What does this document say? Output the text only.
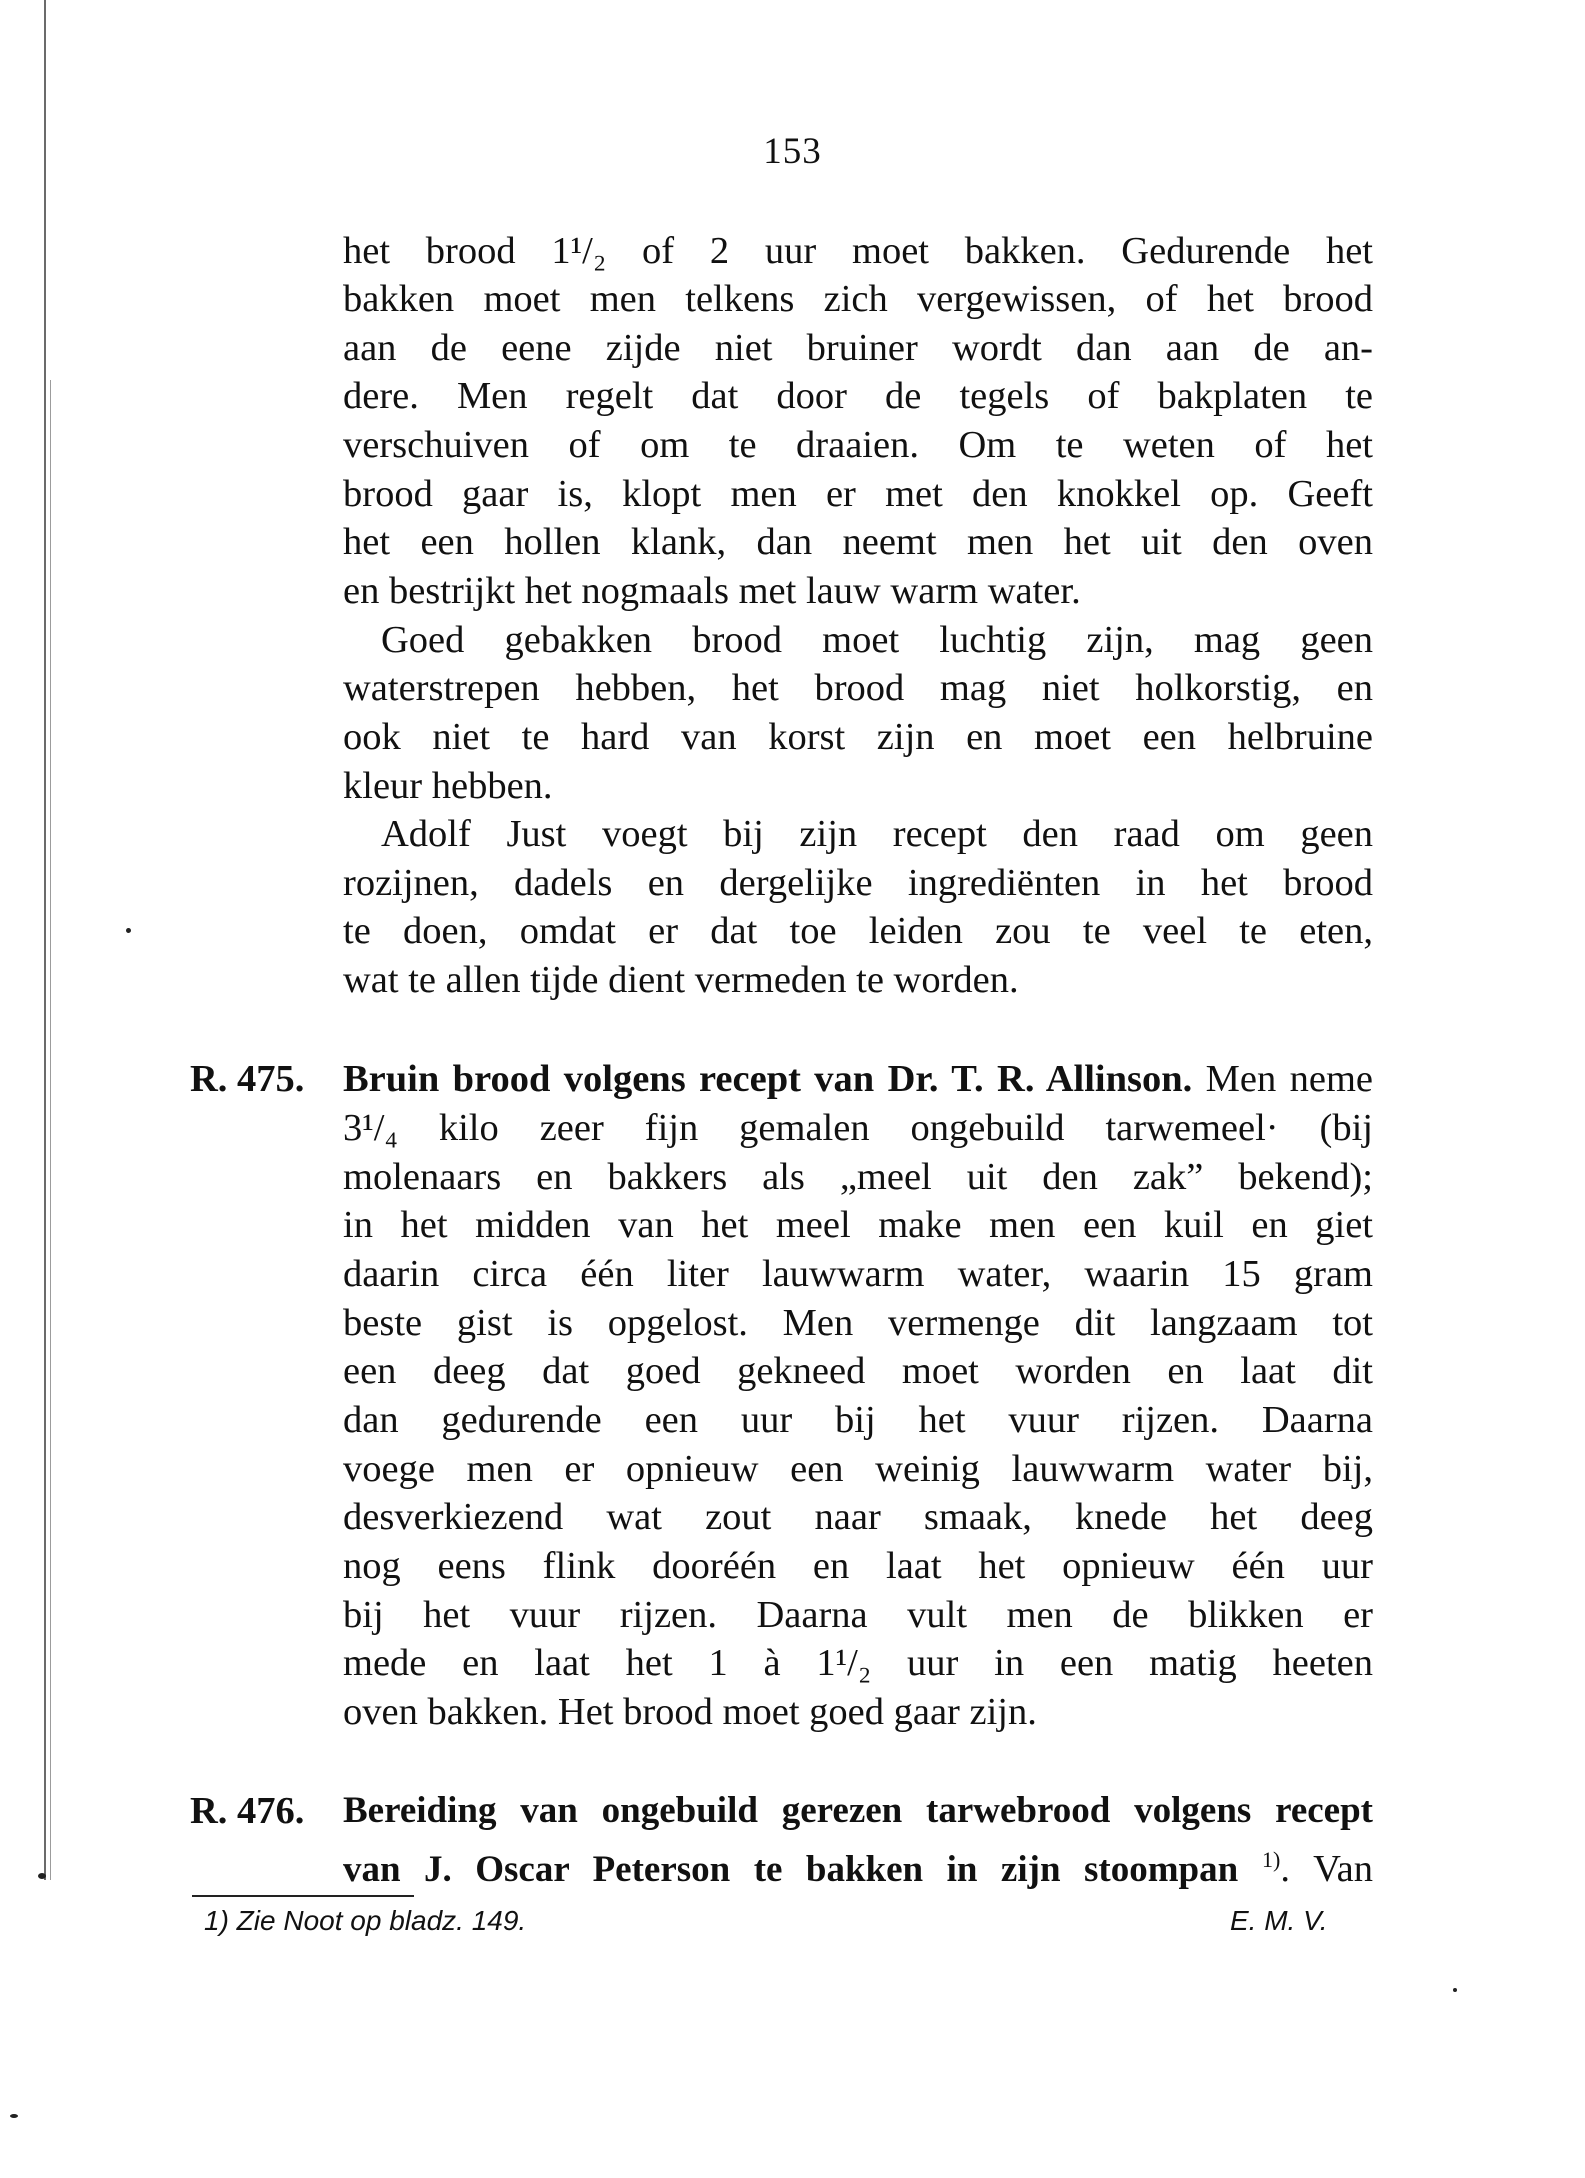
153
het brood 1¹/₂ of 2 uur moet bakken. Gedurende het
bakken moet men telkens zich vergewissen, of het brood
aan de eene zijde niet bruiner wordt dan aan de an-
dere. Men regelt dat door de tegels of bakplaten te
verschuiven of om te draaien. Om te weten of het
brood gaar is, klopt men er met den knokkel op. Geeft
het een hollen klank, dan neemt men het uit den oven
en bestrijkt het nogmaals met lauw warm water.
Goed gebakken brood moet luchtig zijn, mag geen
waterstrepen hebben, het brood mag niet holkorstig, en
ook niet te hard van korst zijn en moet een helbruine
kleur hebben.
Adolf Just voegt bij zijn recept den raad om geen
rozijnen, dadels en dergelijke ingrediënten in het brood
te doen, omdat er dat toe leiden zou te veel te eten,
wat te allen tijde dient vermeden te worden.
R. 475. Bruin brood volgens recept van Dr. T. R. Allinson. Men neme
3¹/₄ kilo zeer fijn gemalen ongebuild tarwemeel· (bij
molenaars en bakkers als „meel uit den zak” bekend);
in het midden van het meel make men een kuil en giet
daarin circa één liter lauwwarm water, waarin 15 gram
beste gist is opgelost. Men vermenge dit langzaam tot
een deeg dat goed gekneed moet worden en laat dit
dan gedurende een uur bij het vuur rijzen. Daarna
voege men er opnieuw een weinig lauwwarm water bij,
desverkiezend wat zout naar smaak, knede het deeg
nog eens flink dooréén en laat het opnieuw één uur
bij het vuur rijzen. Daarna vult men de blikken er
mede en laat het 1 à 1¹/₂ uur in een matig heeten
oven bakken. Het brood moet goed gaar zijn.
R. 476. Bereiding van ongebuild gerezen tarwebrood volgens recept
van J. Oscar Peterson te bakken in zijn stoompan $^{1)}$. Van
1) Zie Noot op bladz. 149.	E. M. V.
